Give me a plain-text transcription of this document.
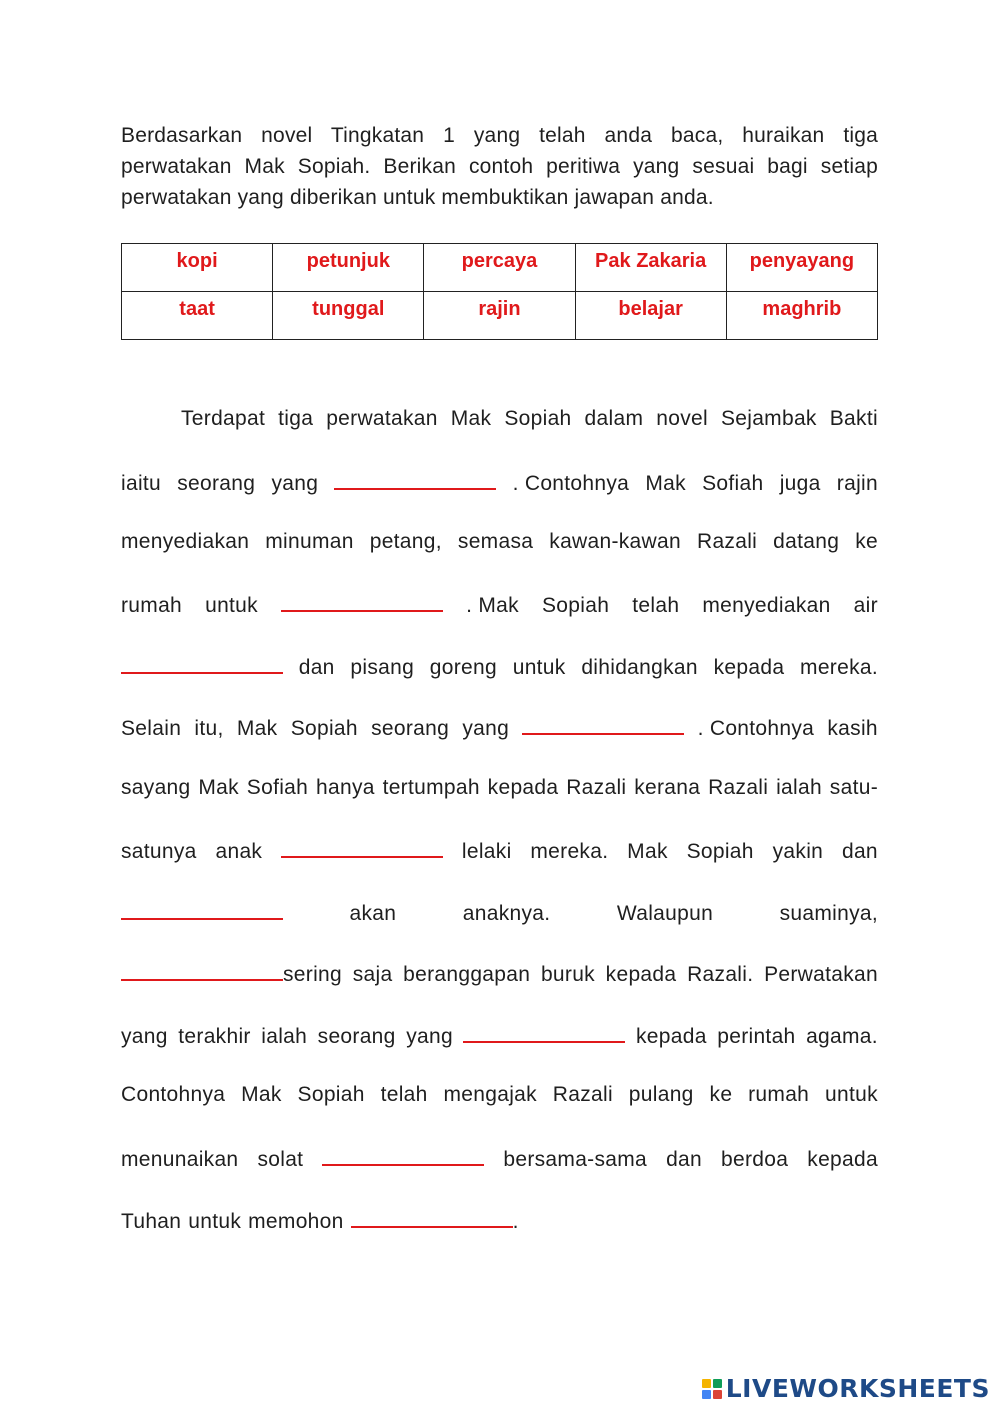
Berdasarkan novel Tingkatan 1 yang telah anda baca, huraikan tiga perwatakan Mak Sopiah. Berikan contoh peritiwa yang sesuai bagi setiap perwatakan yang diberikan untuk membuktikan jawapan anda.
kopi	petunjuk	percaya	Pak Zakaria	penyayang
taat	tunggal	rajin	belajar	maghrib
Terdapat tiga perwatakan Mak Sopiah dalam novel Sejambak Bakti
iaitu seorang yang	. Contohnya Mak Sofiah juga rajin
menyediakan minuman petang, semasa kawan-kawan Razali datang ke
rumah untuk	. Mak Sopiah telah menyediakan air
dan pisang goreng untuk dihidangkan kepada mereka.
Selain itu, Mak Sopiah seorang yang	. Contohnya kasih
sayang Mak Sofiah hanya tertumpah kepada Razali kerana Razali ialah satu-
satunya anak	lelaki mereka. Mak Sopiah yakin dan
akan	anaknya.	Walaupun	suaminya,
sering saja beranggapan buruk kepada Razali. Perwatakan
yang terakhir ialah seorang yang	kepada perintah agama.
Contohnya Mak Sopiah telah mengajak Razali pulang ke rumah untuk
menunaikan solat	bersama-sama dan berdoa kepada
Tuhan untuk memohon	.
LIVEWORKSHEETS
